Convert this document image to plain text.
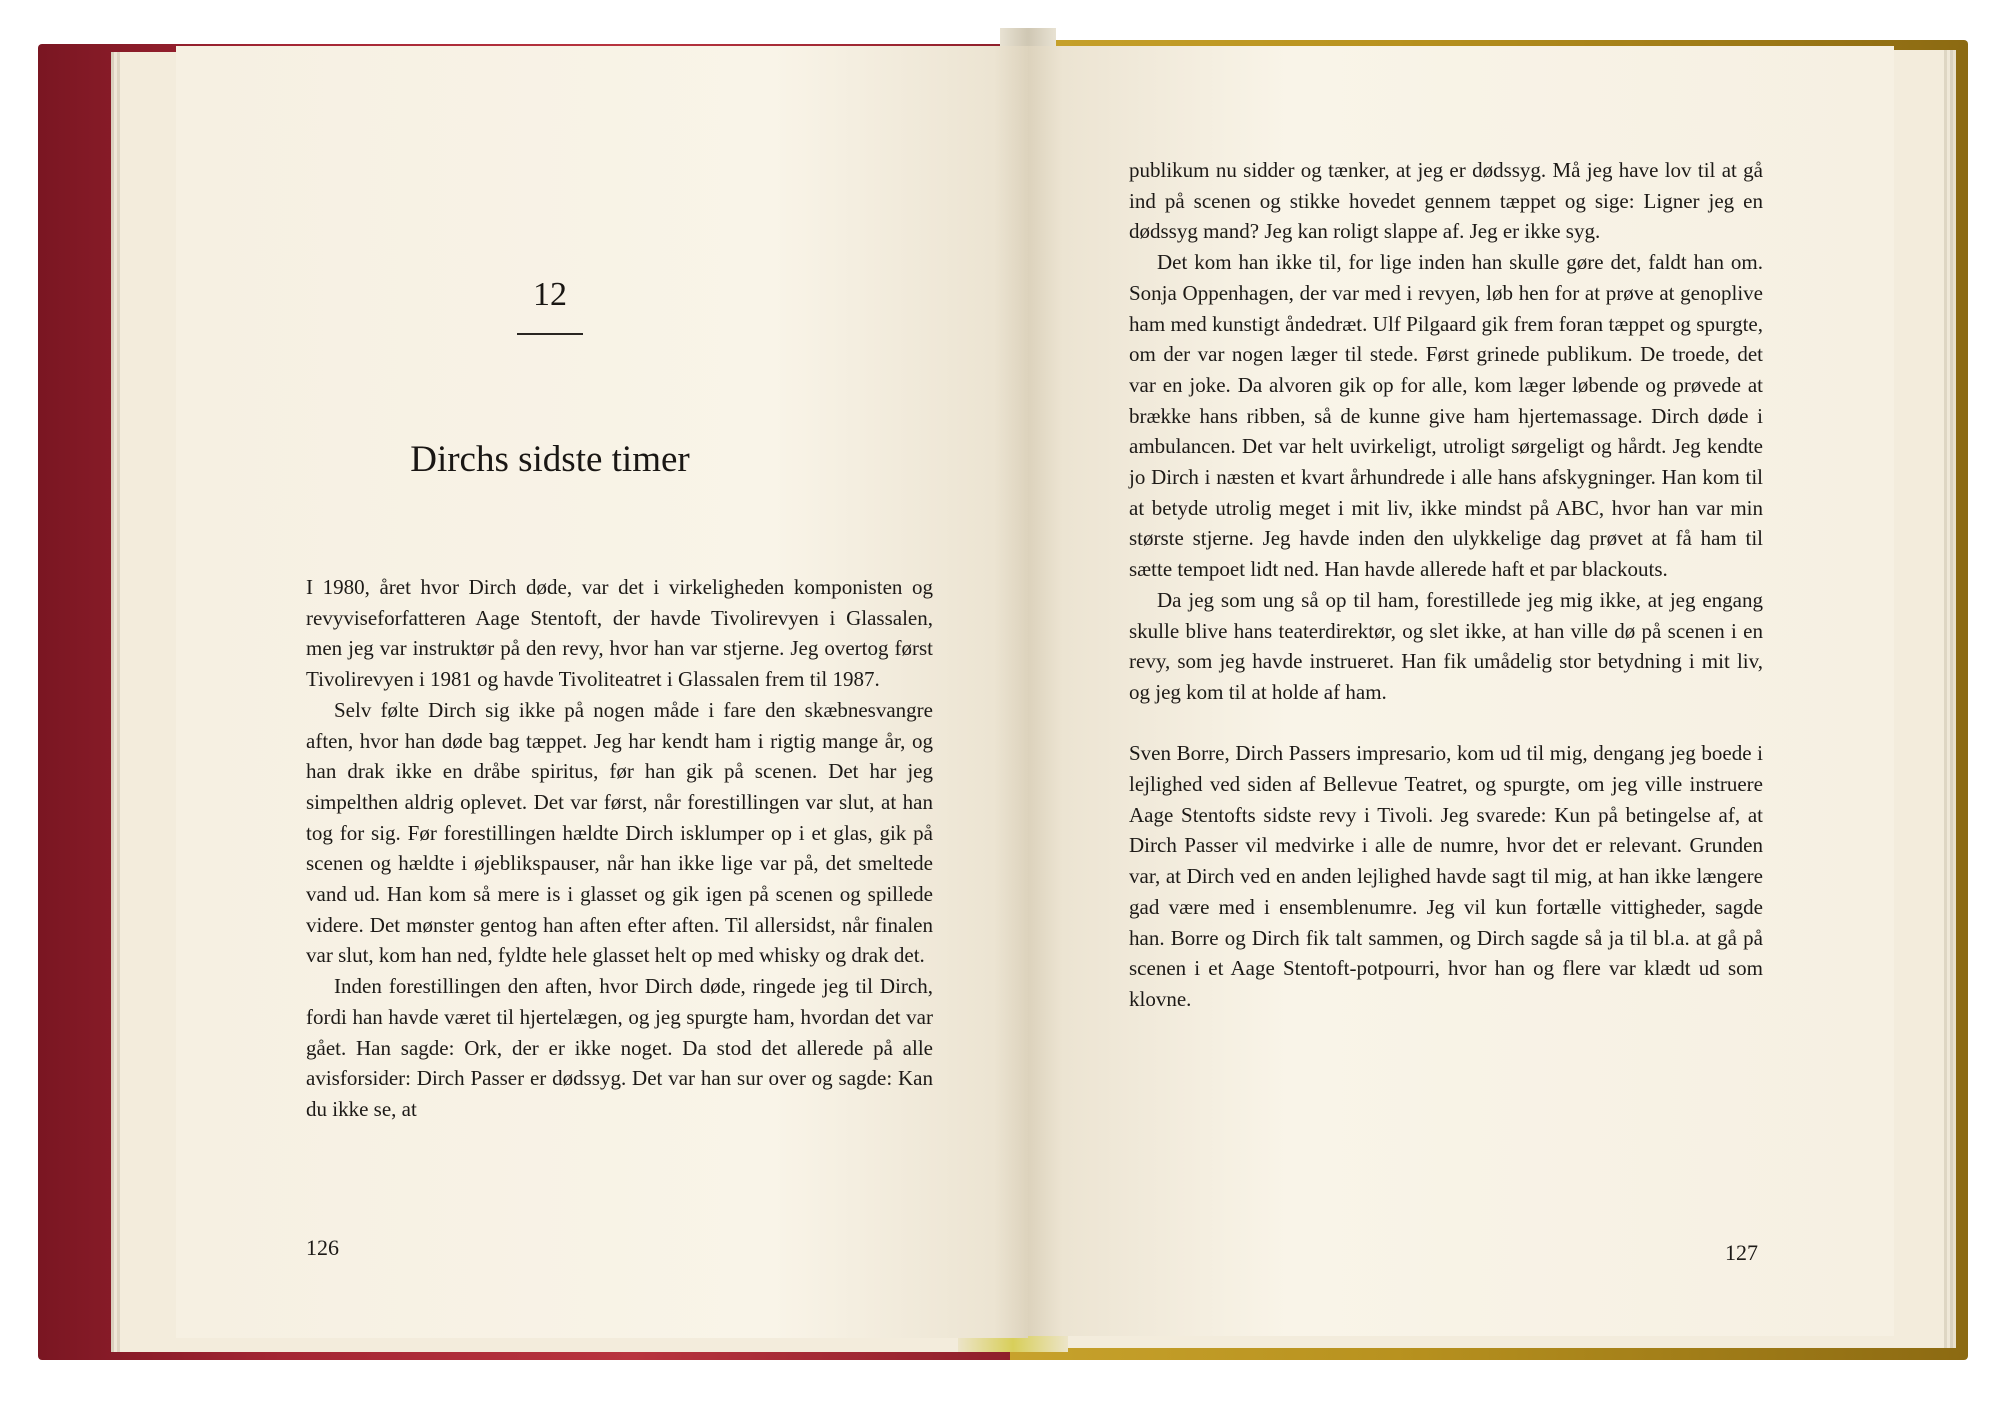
12
Dirchs sidste timer

I 1980, året hvor Dirch døde, var det i virkeligheden komponisten og revyviseforfatteren Aage Stentoft, der havde Tivolirevyen i Glassalen, men jeg var instruktør på den revy, hvor han var stjerne. Jeg overtog først Tivolirevyen i 1981 og havde Tivoliteatret i Glassalen frem til 1987.

Selv følte Dirch sig ikke på nogen måde i fare den skæbnesvangre aften, hvor han døde bag tæppet. Jeg har kendt ham i rigtig mange år, og han drak ikke en dråbe spiritus, før han gik på scenen. Det har jeg simpelthen aldrig oplevet. Det var først, når forestillingen var slut, at han tog for sig. Før forestillingen hældte Dirch isklumper op i et glas, gik på scenen og hældte i øjeblikspauser, når han ikke lige var på, det smeltede vand ud. Han kom så mere is i glasset og gik igen på scenen og spillede videre. Det mønster gentog han aften efter aften. Til allersidst, når finalen var slut, kom han ned, fyldte hele glasset helt op med whisky og drak det.

Inden forestillingen den aften, hvor Dirch døde, ringede jeg til Dirch, fordi han havde været til hjertelægen, og jeg spurgte ham, hvordan det var gået. Han sagde: Ork, der er ikke noget. Da stod det allerede på alle avisforsider: Dirch Passer er dødssyg. Det var han sur over og sagde: Kan du ikke se, at

126

publikum nu sidder og tænker, at jeg er dødssyg. Må jeg have lov til at gå ind på scenen og stikke hovedet gennem tæppet og sige: Ligner jeg en dødssyg mand? Jeg kan roligt slappe af. Jeg er ikke syg.

Det kom han ikke til, for lige inden han skulle gøre det, faldt han om. Sonja Oppenhagen, der var med i revyen, løb hen for at prøve at genoplive ham med kunstigt åndedræt. Ulf Pilgaard gik frem foran tæppet og spurgte, om der var nogen læger til stede. Først grinede publikum. De troede, det var en joke. Da alvoren gik op for alle, kom læger løbende og prøvede at brække hans ribben, så de kunne give ham hjertemassage. Dirch døde i ambulancen. Det var helt uvirkeligt, utroligt sørgeligt og hårdt. Jeg kendte jo Dirch i næsten et kvart århundrede i alle hans afskygninger. Han kom til at betyde utrolig meget i mit liv, ikke mindst på ABC, hvor han var min største stjerne. Jeg havde inden den ulykkelige dag prøvet at få ham til sætte tempoet lidt ned. Han havde allerede haft et par blackouts.

Da jeg som ung så op til ham, forestillede jeg mig ikke, at jeg engang skulle blive hans teaterdirektør, og slet ikke, at han ville dø på scenen i en revy, som jeg havde instrueret. Han fik umådelig stor betydning i mit liv, og jeg kom til at holde af ham.

Sven Borre, Dirch Passers impresario, kom ud til mig, dengang jeg boede i lejlighed ved siden af Bellevue Teatret, og spurgte, om jeg ville instruere Aage Stentofts sidste revy i Tivoli. Jeg svarede: Kun på betingelse af, at Dirch Passer vil medvirke i alle de numre, hvor det er relevant. Grunden var, at Dirch ved en anden lejlighed havde sagt til mig, at han ikke længere gad være med i ensemblenumre. Jeg vil kun fortælle vittigheder, sagde han. Borre og Dirch fik talt sammen, og Dirch sagde så ja til bl.a. at gå på scenen i et Aage Stentoft-potpourri, hvor han og flere var klædt ud som klovne.

127
